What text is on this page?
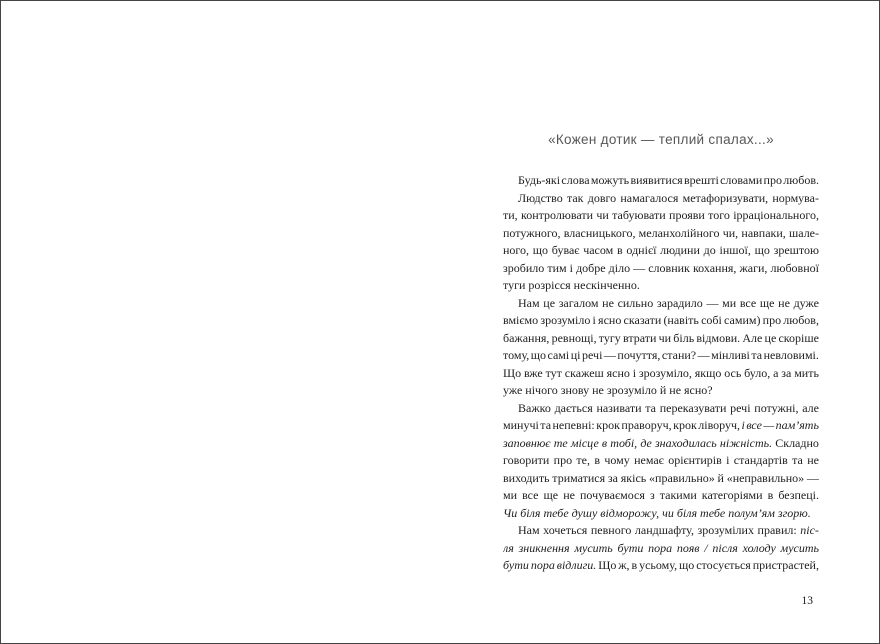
«Кожен дотик — теплий спалах...»
Будь-які слова можуть виявитися врешті словами про любов.
Людство так довго намагалося метафоризувати, нормува-
ти, контролювати чи табуювати прояви того ірраціонального,
потужного, власницького, меланхолійного чи, навпаки, шале-
ного, що буває часом в однієї людини до іншої, що зрештою
зробило тим і добре діло — словник кохання, жаги, любовної
туги розрісся нескінченно.
Нам це загалом не сильно зарадило — ми все ще не дуже
вміємо зрозуміло і ясно сказати (навіть собі самим) про любов,
бажання, ревнощі, тугу втрати чи біль відмови. Але це скоріше
тому, що самі ці речі — почуття, стани? — мінливі та невловимі.
Що вже тут скажеш ясно і зрозуміло, якщо ось було, а за мить
уже нічого знову не зрозуміло й не ясно?
Важко дається називати та переказувати речі потужні, але
минучі та непевні: крок праворуч, крок ліворуч, і все — пам’ять
заповнює те місце в тобі, де знаходилась ніжність. Складно
говорити про те, в чому немає орієнтирів і стандартів та не
виходить триматися за якісь «правильно» й «неправильно» —
ми все ще не почуваємося з такими категоріями в безпеці.
Чи біля тебе душу відморожу, чи біля тебе полум’ям згорю.
Нам хочеться певного ландшафту, зрозумілих правил: піс-
ля зникнення мусить бути пора появ / після холоду мусить
бути пора відлиги. Що ж, в усьому, що стосується пристрастей,
13
